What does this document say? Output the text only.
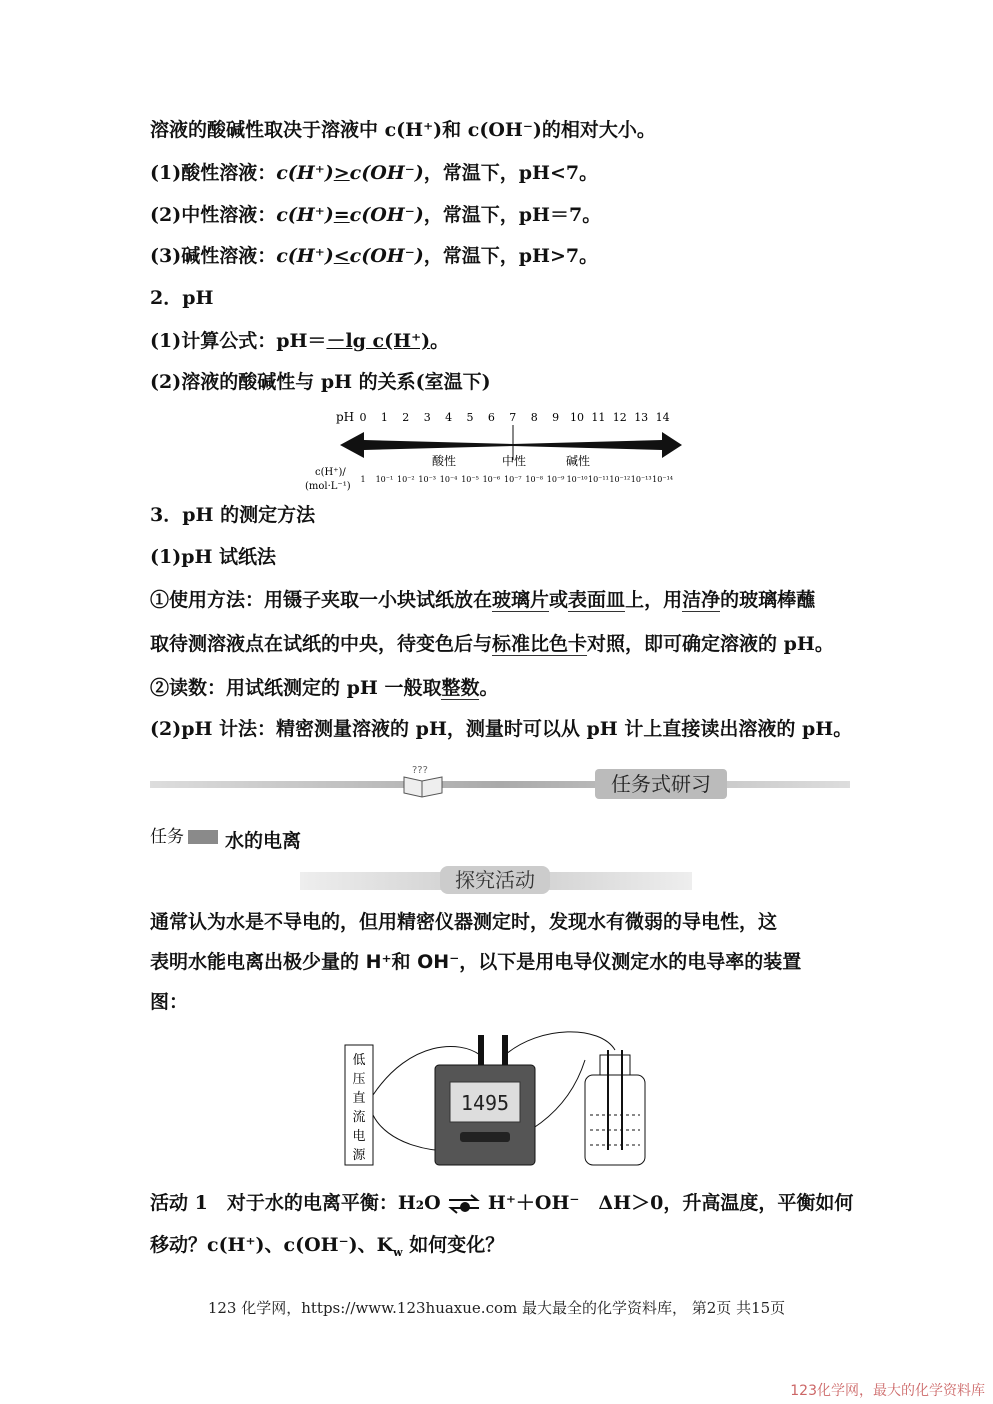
溶液的酸碱性取决于溶液中 c(H⁺)和 c(OH⁻)的相对大小。
(1)酸性溶液：c(H⁺)>c(OH⁻)，常温下，pH<7。
(2)中性溶液：c(H⁺)=c(OH⁻)，常温下，pH＝7。
(3)碱性溶液：c(H⁺)<c(OH⁻)，常温下，pH>7。
2．pH
(1)计算公式：pH＝－lg c(H⁺)。
(2)溶液的酸碱性与 pH 的关系(室温下)
pH 0 1 2 3 4 5 6 7 8 9 10 11 12 13 14
酸性	中性	碱性
c(H⁺)/
(mol·L⁻¹)
1 10⁻¹ 10⁻² 10⁻³ 10⁻⁴ 10⁻⁵ 10⁻⁶ 10⁻⁷ 10⁻⁸ 10⁻⁹ 10⁻¹⁰ 10⁻¹¹ 10⁻¹² 10⁻¹³ 10⁻¹⁴
3．pH 的测定方法
(1)pH 试纸法
①使用方法：用镊子夹取一小块试纸放在玻璃片或表面皿上，用洁净的玻璃棒蘸
取待测溶液点在试纸的中央，待变色后与标准比色卡对照，即可确定溶液的 pH。
②读数：用试纸测定的 pH 一般取整数。
(2)pH 计法：精密测量溶液的 pH，测量时可以从 pH 计上直接读出溶液的 pH。
???
任务式研习
任务	水的电离
探究活动
通常认为水是不导电的，但用精密仪器测定时，发现水有微弱的导电性，这
表明水能电离出极少量的 H⁺和 OH⁻，以下是用电导仪测定水的电导率的装置
图：
低压直流电源
1495
活动 1　对于水的电离平衡：H₂O ⇌ H⁺＋OH⁻　ΔH＞0，升高温度，平衡如何
移动？c(H⁺)、c(OH⁻)、$K_w$ 如何变化？
123 化学网，https://www.123huaxue.com 最大最全的化学资料库， 第2页 共15页
123化学网，最大的化学资料库
